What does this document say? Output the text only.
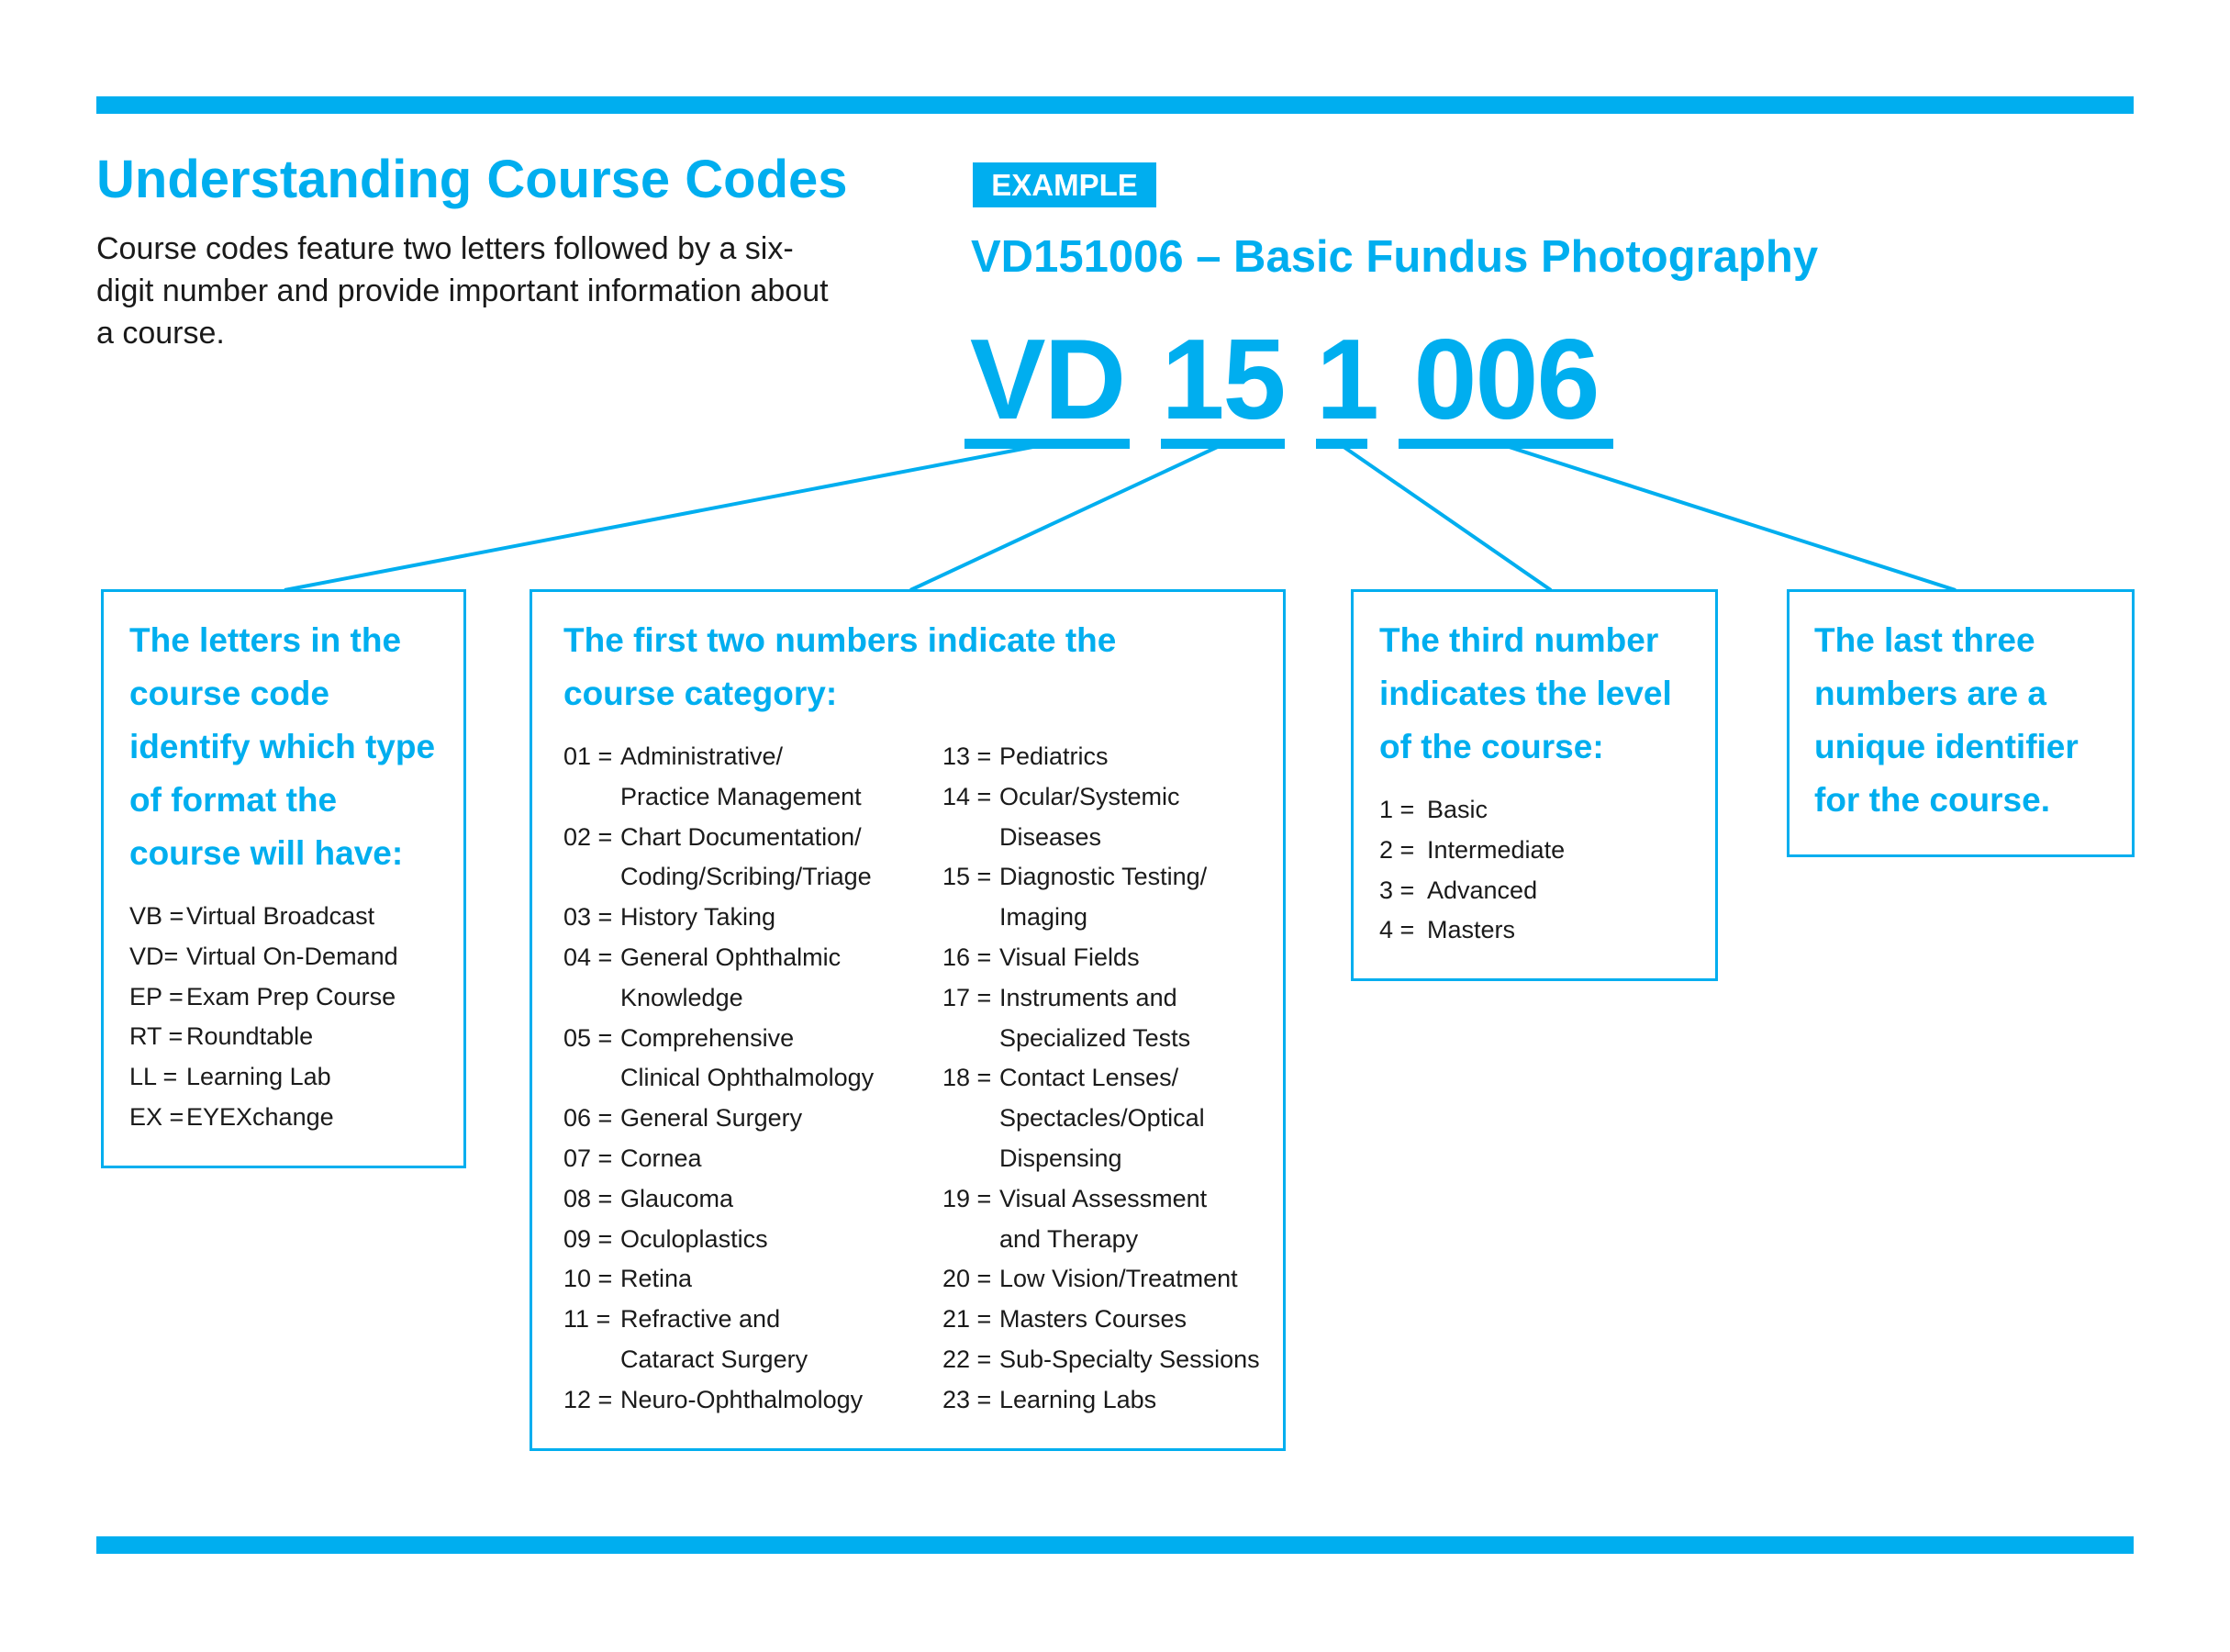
Understanding Course Codes
Course codes feature two letters followed by a six-digit number and provide important information about a course.
EXAMPLE
VD151006 – Basic Fundus Photography
VD 15 1 006
The letters in the course code identify which type of format the course will have:
VB = Virtual Broadcast
VD= Virtual On-Demand
EP = Exam Prep Course
RT = Roundtable
LL = Learning Lab
EX = EYEXchange
The first two numbers indicate the course category:
01 = Administrative/
Practice Management
02 = Chart Documentation/
Coding/Scribing/Triage
03 = History Taking
04 = General Ophthalmic
Knowledge
05 = Comprehensive
Clinical Ophthalmology
06 = General Surgery
07 = Cornea
08 = Glaucoma
09 = Oculoplastics
10 = Retina
11 = Refractive and
Cataract Surgery
12 = Neuro-Ophthalmology
13 = Pediatrics
14 = Ocular/Systemic
Diseases
15 = Diagnostic Testing/
Imaging
16 = Visual Fields
17 = Instruments and
Specialized Tests
18 = Contact Lenses/
Spectacles/Optical
Dispensing
19 = Visual Assessment
and Therapy
20 = Low Vision/Treatment
21 = Masters Courses
22 = Sub-Specialty Sessions
23 = Learning Labs
The third number indicates the level of the course:
1 = Basic
2 = Intermediate
3 = Advanced
4 = Masters
The last three numbers are a unique identifier for the course.
